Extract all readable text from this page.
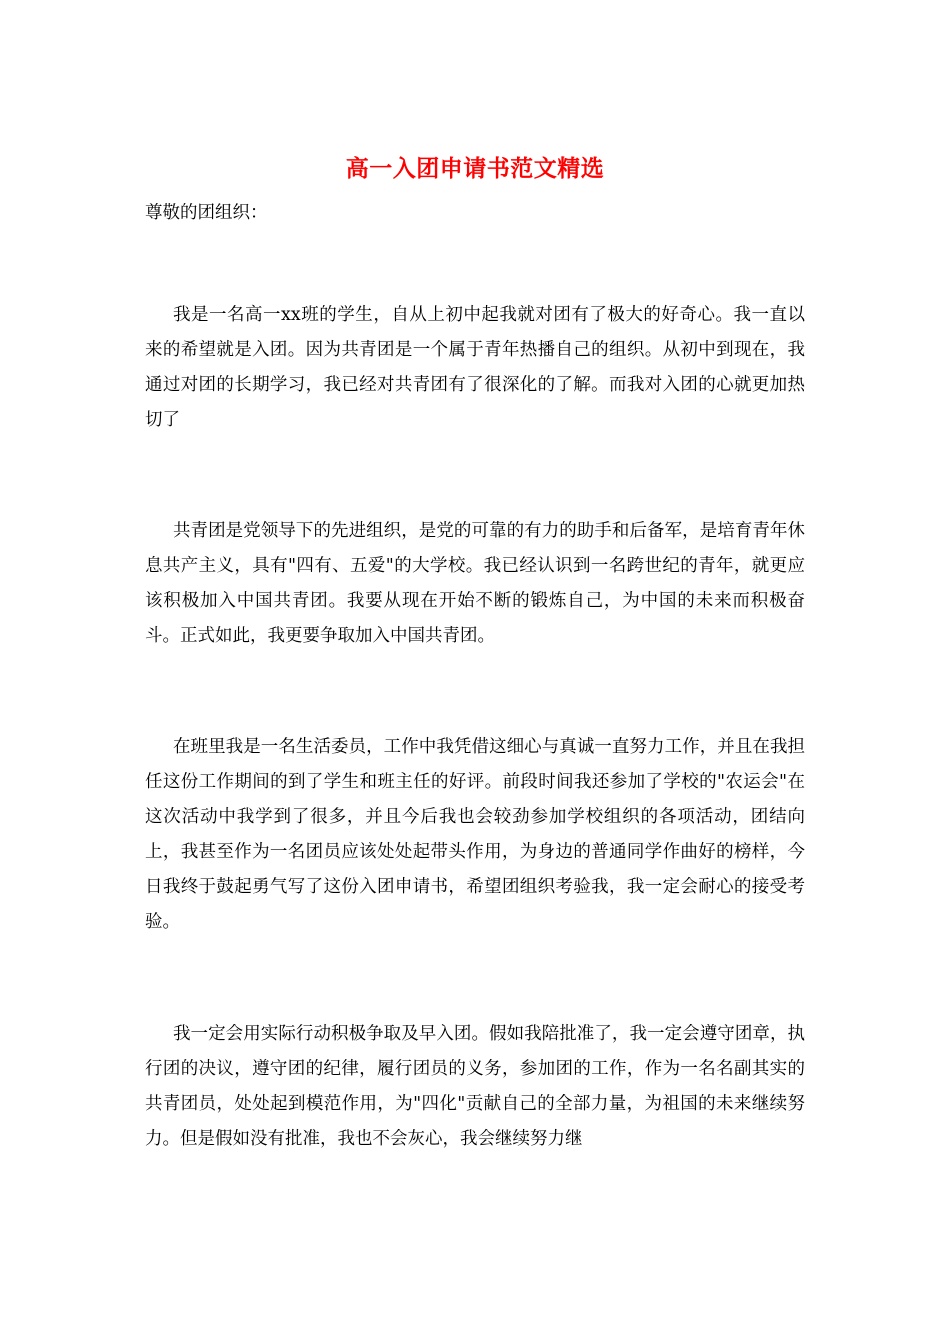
高一入团申请书范文精选
尊敬的团组织：

我是一名高一xx班的学生，自从上初中起我就对团有了极大的好奇心。我一直以来的希望就是入团。因为共青团是一个属于青年热播自己的组织。从初中到现在，我通过对团的长期学习，我已经对共青团有了很深化的了解。而我对入团的心就更加热切了

共青团是党领导下的先进组织，是党的可靠的有力的助手和后备军，是培育青年休息共产主义，具有"四有、五爱"的大学校。我已经认识到一名跨世纪的青年，就更应该积极加入中国共青团。我要从现在开始不断的锻炼自己，为中国的未来而积极奋斗。正式如此，我更要争取加入中国共青团。

在班里我是一名生活委员，工作中我凭借这细心与真诚一直努力工作，并且在我担任这份工作期间的到了学生和班主任的好评。前段时间我还参加了学校的"农运会"在这次活动中我学到了很多，并且今后我也会较劲参加学校组织的各项活动，团结向上，我甚至作为一名团员应该处处起带头作用，为身边的普通同学作曲好的榜样，今日我终于鼓起勇气写了这份入团申请书，希望团组织考验我，我一定会耐心的接受考验。

我一定会用实际行动积极争取及早入团。假如我陪批准了，我一定会遵守团章，执行团的决议，遵守团的纪律，履行团员的义务，参加团的工作，作为一名名副其实的共青团员，处处起到模范作用，为"四化"贡献自己的全部力量，为祖国的未来继续努力。但是假如没有批准，我也不会灰心，我会继续努力继
